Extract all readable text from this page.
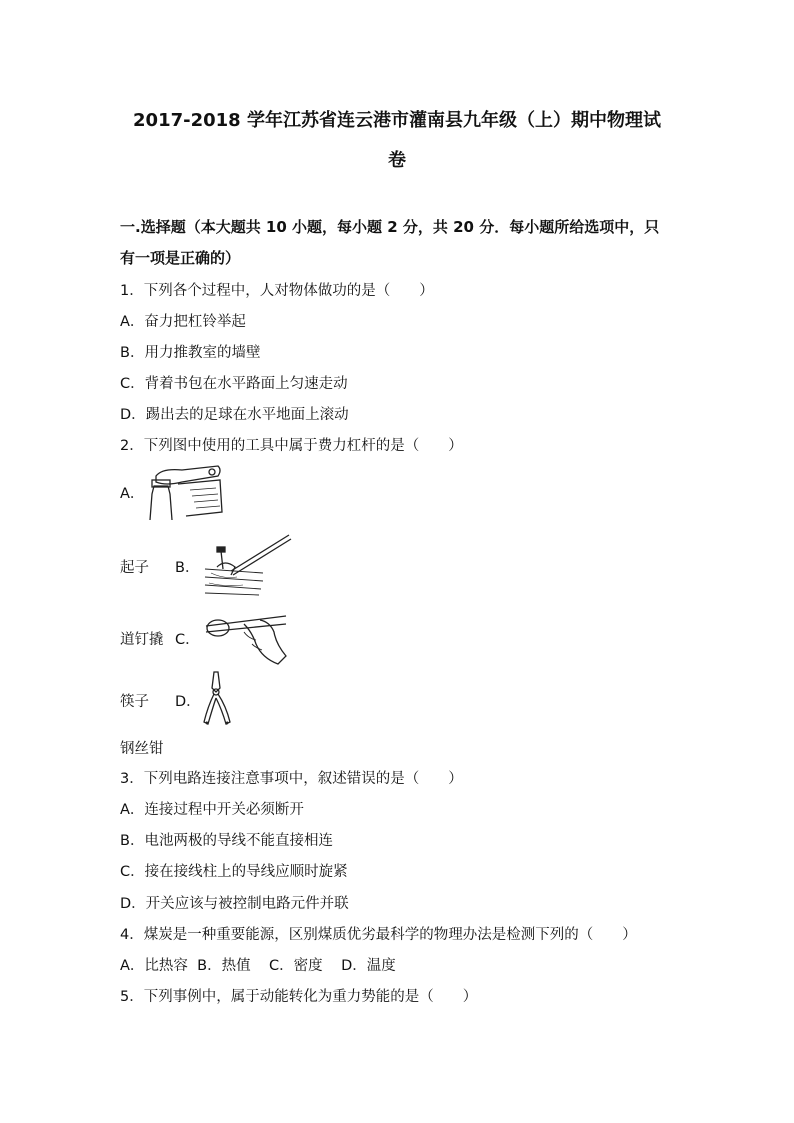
2017-2018 学年江苏省连云港市灌南县九年级（上）期中物理试
卷
一.选择题（本大题共 10 小题，每小题 2 分，共 20 分．每小题所给选项中，只
有一项是正确的）
1．下列各个过程中，人对物体做功的是（　　）
A．奋力把杠铃举起
B．用力推教室的墙壁
C．背着书包在水平路面上匀速走动
D．踢出去的足球在水平地面上滚动
2．下列图中使用的工具中属于费力杠杆的是（　　）
A．
起子 B．
道钉撬 C．
筷子 D．
钢丝钳
3．下列电路连接注意事项中，叙述错误的是（　　）
A．连接过程中开关必须断开
B．电池两极的导线不能直接相连
C．接在接线柱上的导线应顺时旋紧
D．开关应该与被控制电路元件并联
4．煤炭是一种重要能源，区别煤质优劣最科学的物理办法是检测下列的（　　）
A．比热容  B．热值    C．密度    D．温度
5．下列事例中，属于动能转化为重力势能的是（　　）
